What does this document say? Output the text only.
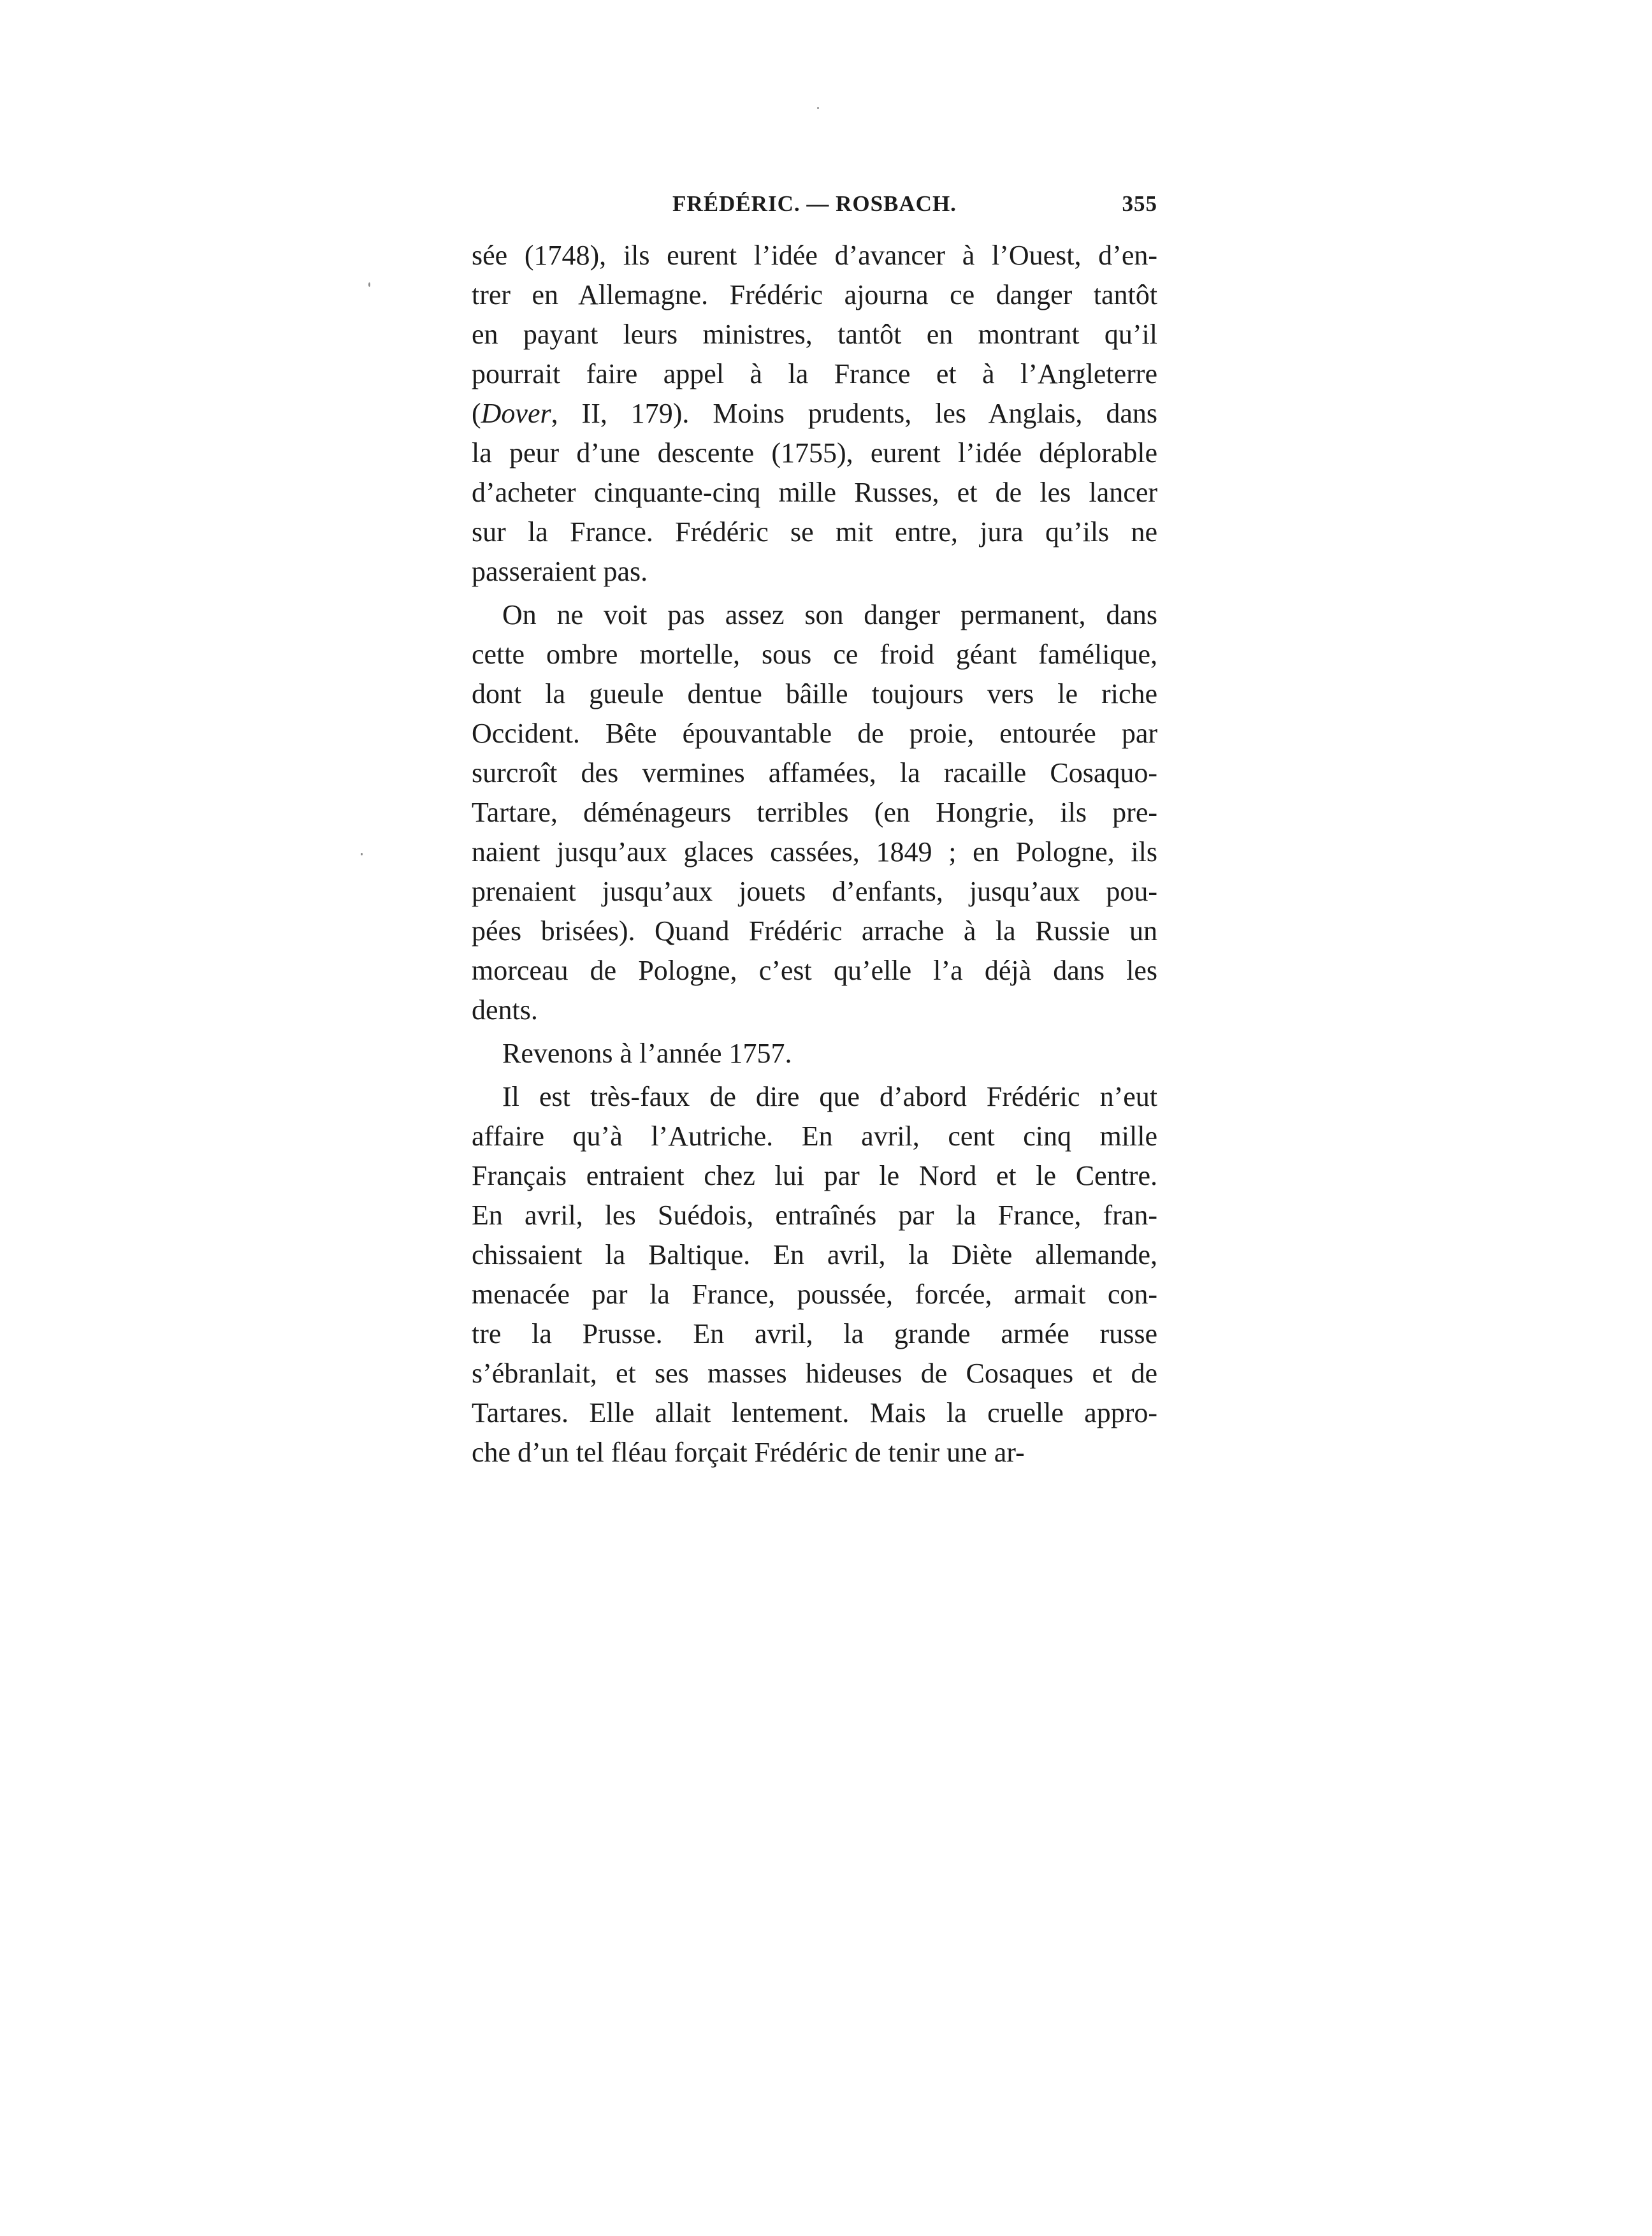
FRÉDÉRIC. — ROSBACH.	355
sée (1748), ils eurent l’idée d’avancer à l’Ouest, d’en-
trer en Allemagne. Frédéric ajourna ce danger tantôt
en payant leurs ministres, tantôt en montrant qu’il
pourrait faire appel à la France et à l’Angleterre
(Dover, II, 179). Moins prudents, les Anglais, dans
la peur d’une descente (1755), eurent l’idée déplorable
d’acheter cinquante-cinq mille Russes, et de les lancer
sur la France. Frédéric se mit entre, jura qu’ils ne
passeraient pas.
On ne voit pas assez son danger permanent, dans
cette ombre mortelle, sous ce froid géant famélique,
dont la gueule dentue bâille toujours vers le riche
Occident. Bête épouvantable de proie, entourée par
surcroît des vermines affamées, la racaille Cosaquo-
Tartare, déménageurs terribles (en Hongrie, ils pre-
naient jusqu’aux glaces cassées, 1849 ; en Pologne, ils
prenaient jusqu’aux jouets d’enfants, jusqu’aux pou-
pées brisées). Quand Frédéric arrache à la Russie un
morceau de Pologne, c’est qu’elle l’a déjà dans les
dents.
Revenons à l’année 1757.
Il est très-faux de dire que d’abord Frédéric n’eut
affaire qu’à l’Autriche. En avril, cent cinq mille
Français entraient chez lui par le Nord et le Centre.
En avril, les Suédois, entraînés par la France, fran-
chissaient la Baltique. En avril, la Diète allemande,
menacée par la France, poussée, forcée, armait con-
tre la Prusse. En avril, la grande armée russe
s’ébranlait, et ses masses hideuses de Cosaques et de
Tartares. Elle allait lentement. Mais la cruelle appro-
che d’un tel fléau forçait Frédéric de tenir une ar-
